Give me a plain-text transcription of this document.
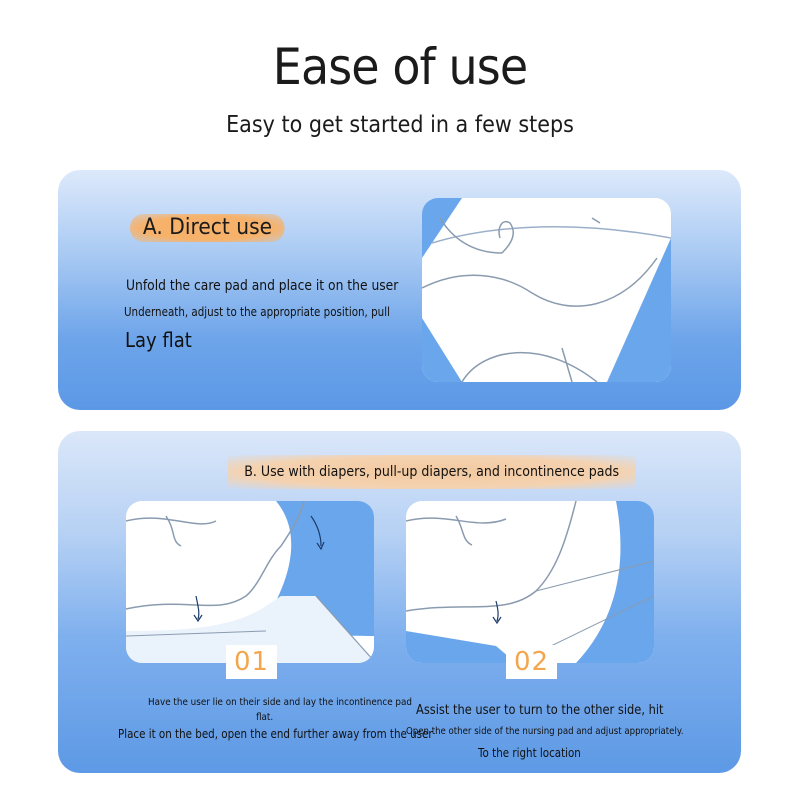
Ease of use
Easy to get started in a few steps
A. Direct use
Unfold the care pad and place it on the user
Underneath, adjust to the appropriate position, pull
Lay flat
B. Use with diapers, pull-up diapers, and incontinence pads
01	02
Have the user lie on their side and lay the incontinence pad
flat.
Place it on the bed, open the end further away from the user
Assist the user to turn to the other side, hit
Open the other side of the nursing pad and adjust appropriately.
To the right location
